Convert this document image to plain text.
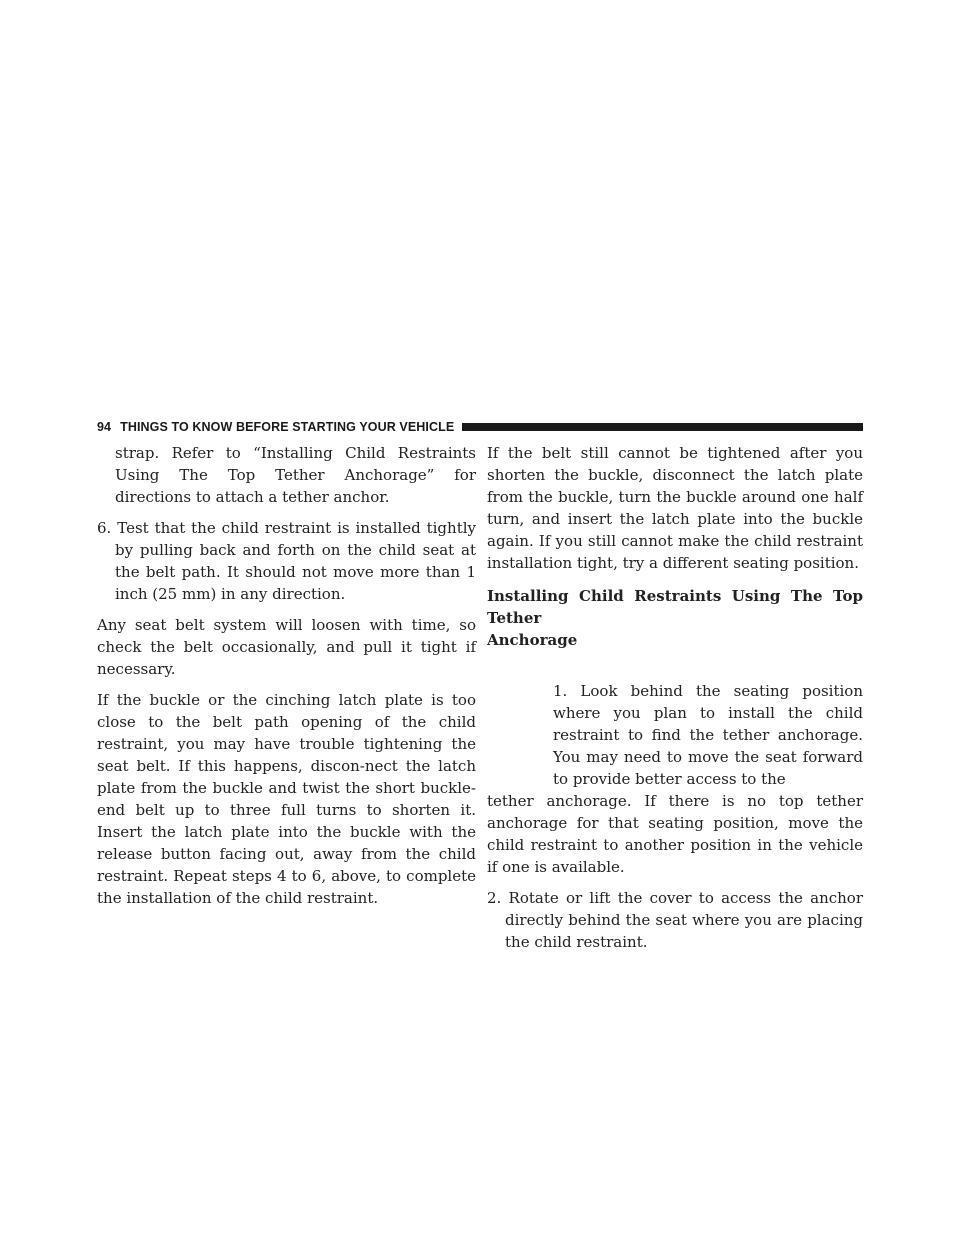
94 THINGS TO KNOW BEFORE STARTING YOUR VEHICLE

strap. Refer to “Installing Child Restraints Using The Top Tether Anchorage” for directions to attach a tether anchor.

6. Test that the child restraint is installed tightly by pulling back and forth on the child seat at the belt path. It should not move more than 1 inch (25 mm) in any direction.

Any seat belt system will loosen with time, so check the belt occasionally, and pull it tight if necessary.

If the buckle or the cinching latch plate is too close to the belt path opening of the child restraint, you may have trouble tightening the seat belt. If this happens, discon-nect the latch plate from the buckle and twist the short buckle-end belt up to three full turns to shorten it. Insert the latch plate into the buckle with the release button facing out, away from the child restraint. Repeat steps 4 to 6, above, to complete the installation of the child restraint.

If the belt still cannot be tightened after you shorten the buckle, disconnect the latch plate from the buckle, turn the buckle around one half turn, and insert the latch plate into the buckle again. If you still cannot make the child restraint installation tight, try a different seating position.

Installing Child Restraints Using The Top Tether
Anchorage

1. Look behind the seating position where you plan to install the child restraint to find the tether anchorage. You may need to move the seat forward to provide better access to the

tether anchorage. If there is no top tether anchorage for that seating position, move the child restraint to another position in the vehicle if one is available.

2. Rotate or lift the cover to access the anchor directly behind the seat where you are placing the child restraint.
